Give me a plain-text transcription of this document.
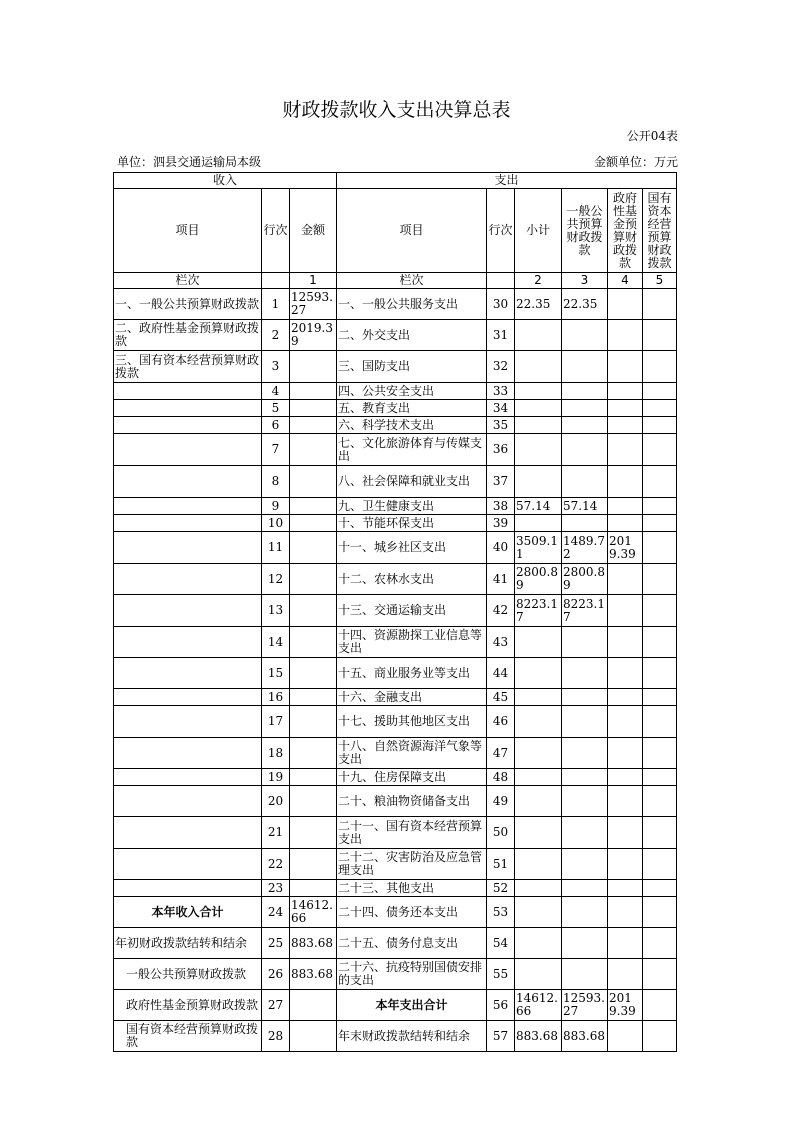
财政拨款收入支出决算总表
公开04表
单位：泗县交通运输局本级	金额单位：万元
收入			支出					
项目	行次	金额	项目	行次	小计	一般公共预算财政拨款	政府性基金预算财政拨款	国有资本经营预算财政拨款
栏次		1	栏次		2	3	4	5
一、一般公共预算财政拨款	1	12593.27	一、一般公共服务支出	30	22.35	22.35		
二、政府性基金预算财政拨款	2	2019.39	二、外交支出	31				
三、国有资本经营预算财政拨款	3		三、国防支出	32				
	4		四、公共安全支出	33				
	5		五、教育支出	34				
	6		六、科学技术支出	35				
	7		七、文化旅游体育与传媒支出	36				
	8		八、社会保障和就业支出	37				
	9		九、卫生健康支出	38	57.14	57.14		
	10		十、节能环保支出	39				
	11		十一、城乡社区支出	40	3509.11	1489.72	2019.39	
	12		十二、农林水支出	41	2800.89	2800.89		
	13		十三、交通运输支出	42	8223.17	8223.17		
	14		十四、资源勘探工业信息等支出	43				
	15		十五、商业服务业等支出	44				
	16		十六、金融支出	45				
	17		十七、援助其他地区支出	46				
	18		十八、自然资源海洋气象等支出	47				
	19		十九、住房保障支出	48				
	20		二十、粮油物资储备支出	49				
	21		二十一、国有资本经营预算支出	50				
	22		二十二、灾害防治及应急管理支出	51				
	23		二十三、其他支出	52				
本年收入合计	24	14612.66	二十四、债务还本支出	53				
年初财政拨款结转和结余	25	883.68	二十五、债务付息支出	54				
一般公共预算财政拨款	26	883.68	二十六、抗疫特别国债安排的支出	55				
政府性基金预算财政拨款	27		本年支出合计	56	14612.66	12593.27	2019.39	
国有资本经营预算财政拨款	28		年末财政拨款结转和结余	57	883.68	883.68		
